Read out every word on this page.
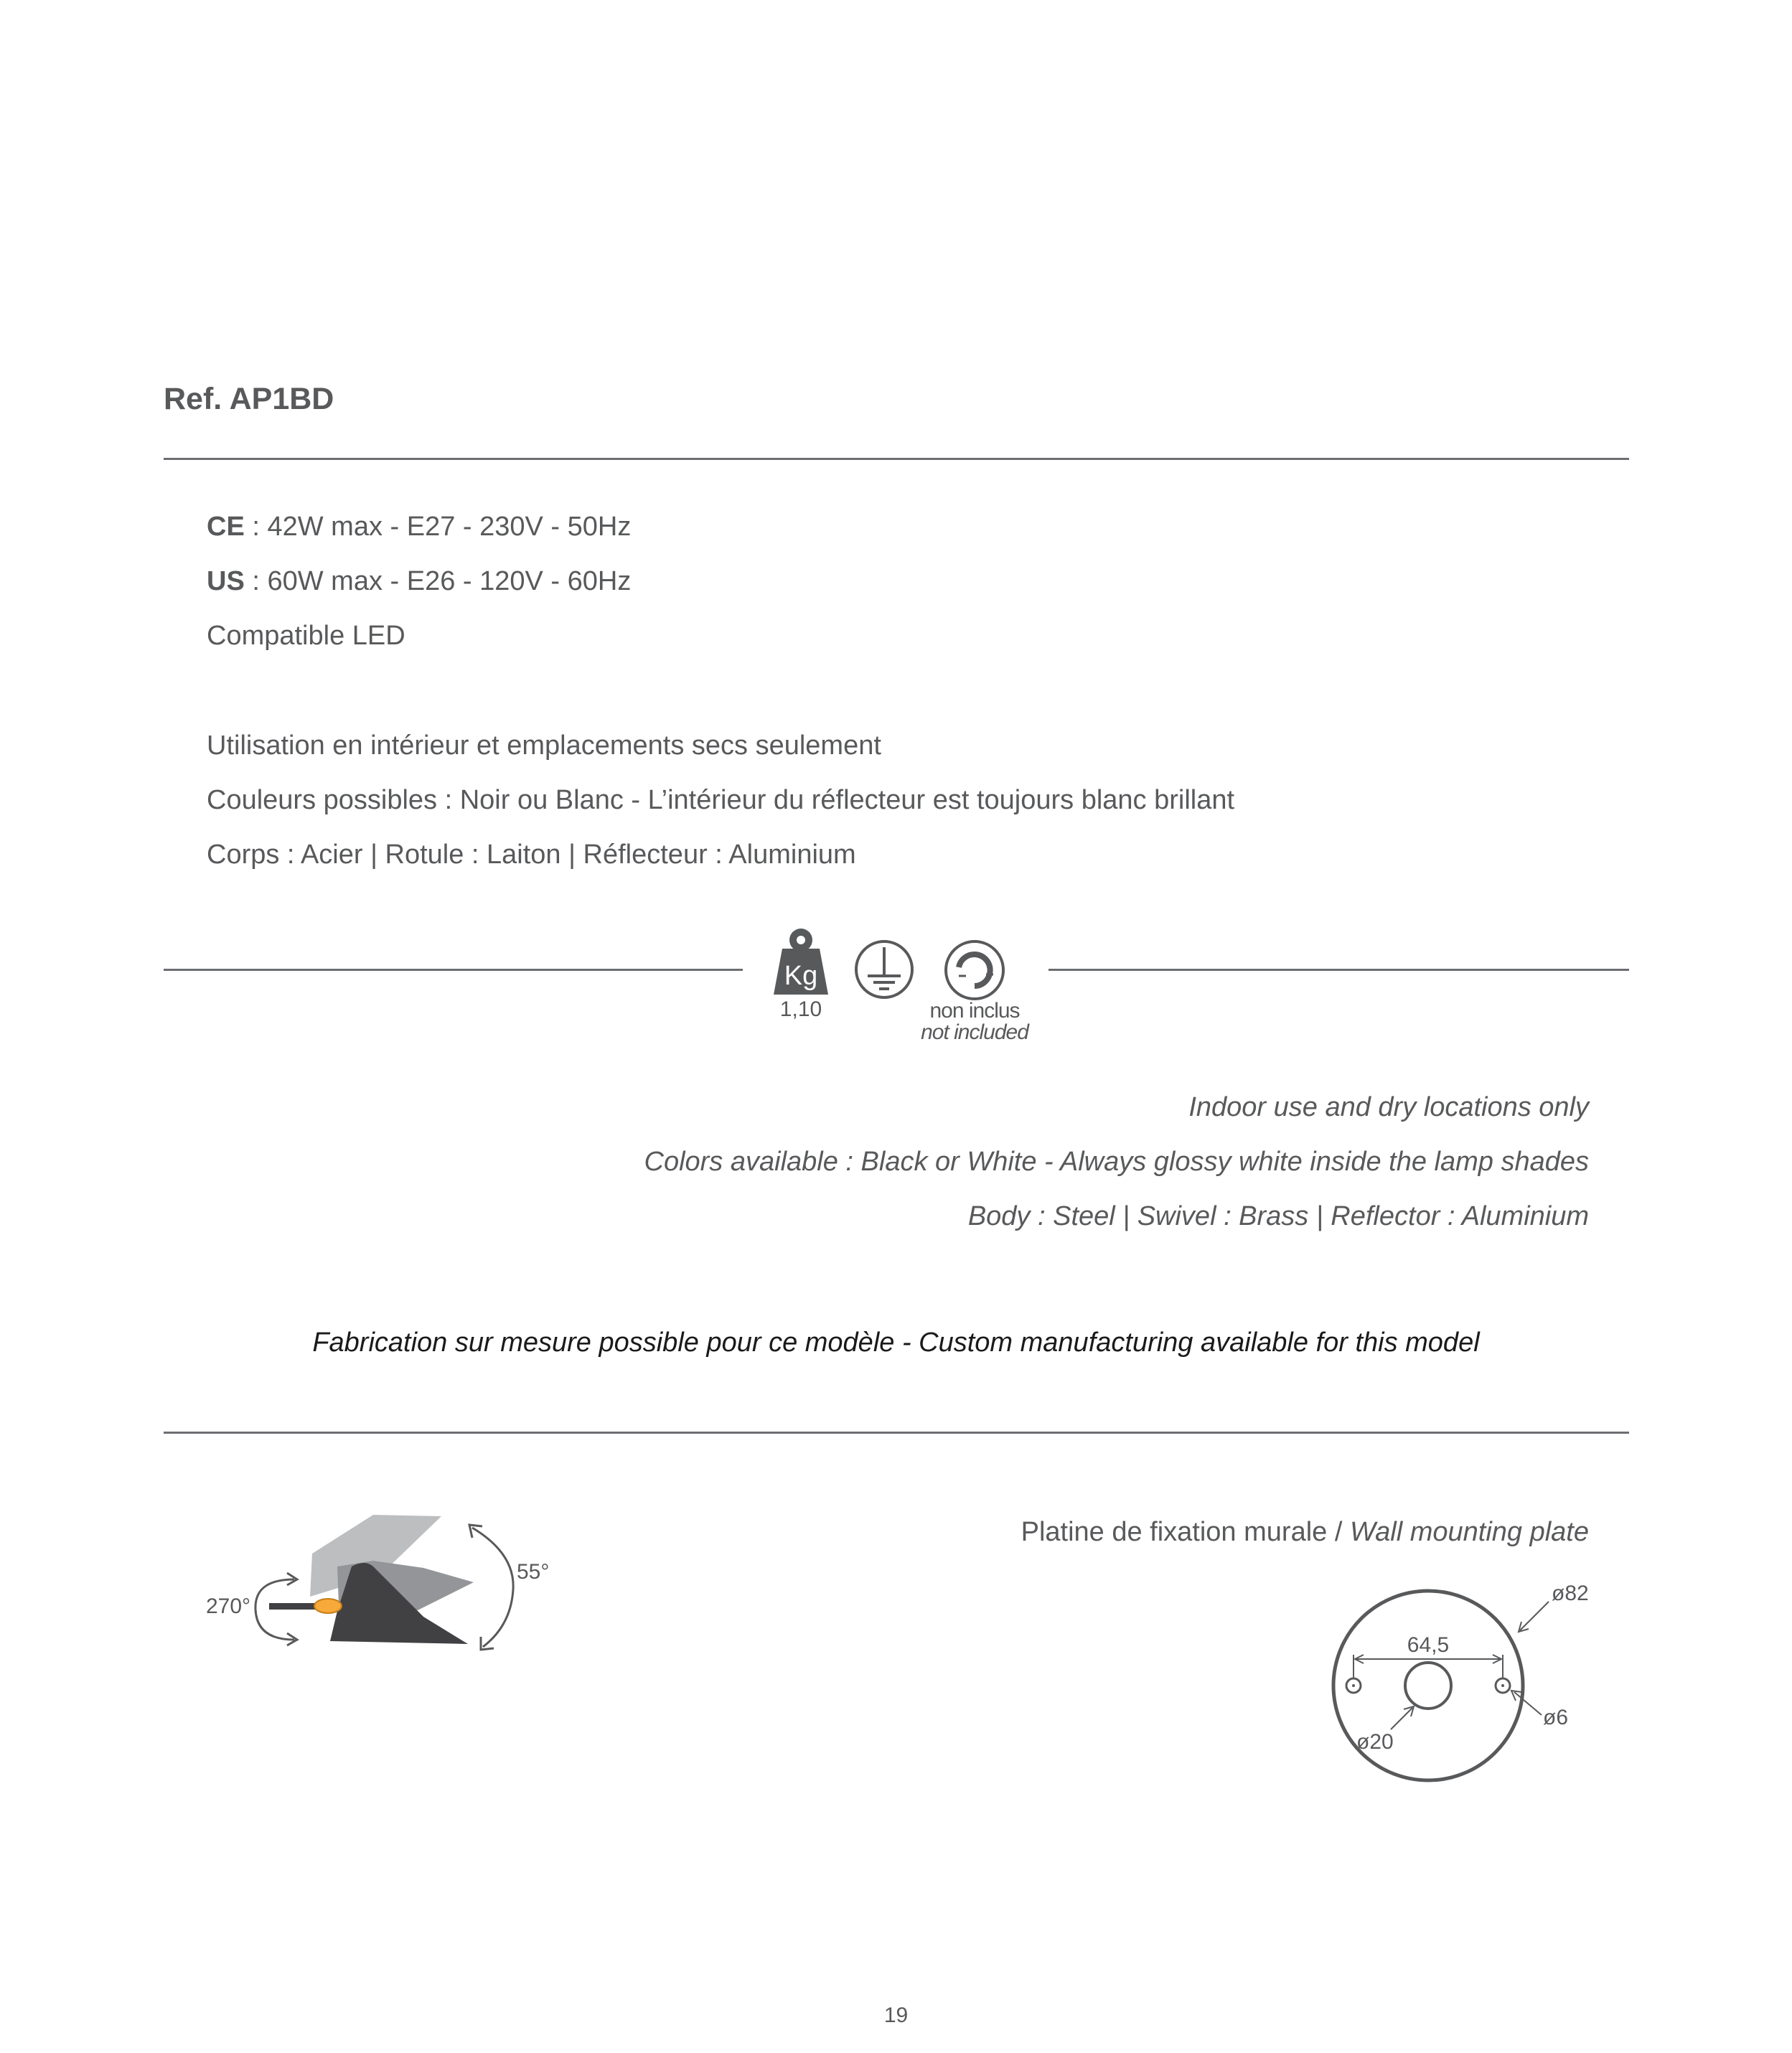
Ref. AP1BD
CE : 42W max - E27 - 230V - 50Hz
US : 60W max - E26 - 120V - 60Hz
Compatible LED
Utilisation en intérieur et emplacements secs seulement
Couleurs possibles : Noir ou Blanc - L’intérieur du réflecteur est toujours blanc brillant
Corps : Acier | Rotule : Laiton | Réflecteur : Aluminium
Kg
1,10	non inclus
not included
Indoor use and dry locations only
Colors available : Black or White - Always glossy white inside the lamp shades
Body : Steel | Swivel : Brass | Reflector : Aluminium
Fabrication sur mesure possible pour ce modèle - Custom manufacturing available for this model
270°
55°
Platine de fixation murale / Wall mounting plate
ø82
64,5
ø20
ø6
19
